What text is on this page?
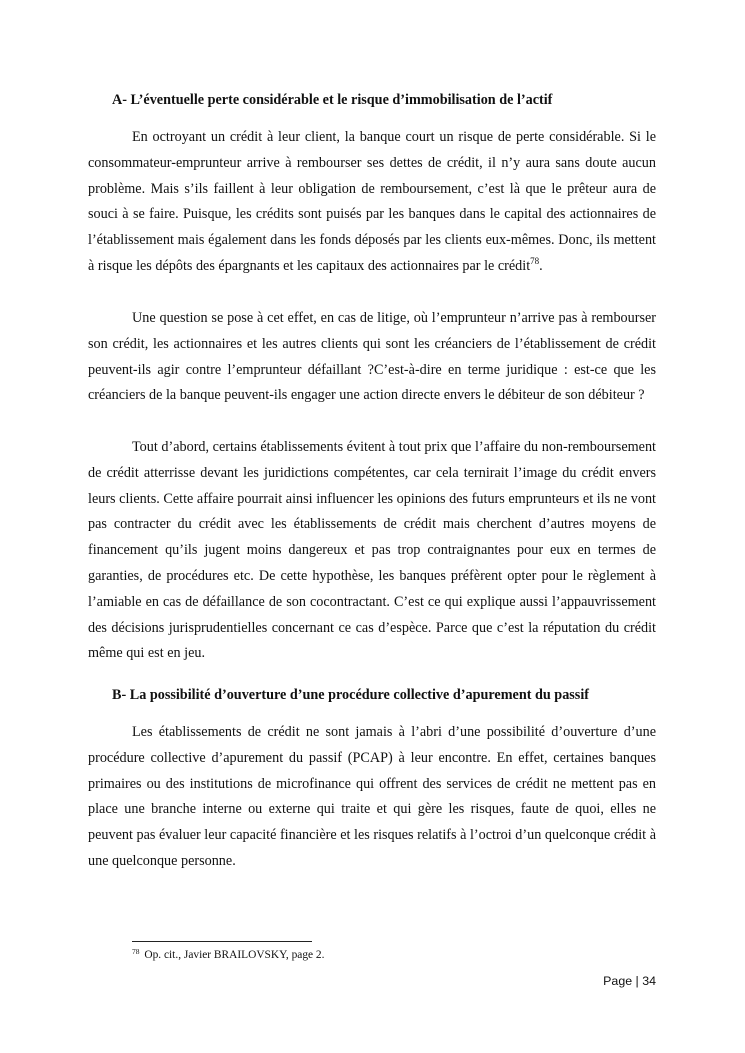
A- L’éventuelle perte considérable et le risque d’immobilisation de l’actif

En octroyant un crédit à leur client, la banque court un risque de perte considérable. Si le consommateur-emprunteur arrive à rembourser ses dettes de crédit, il n’y aura sans doute aucun problème. Mais s’ils faillent à leur obligation de remboursement, c’est là que le prêteur aura de souci à se faire. Puisque, les crédits sont puisés par les banques dans le capital des actionnaires de l’établissement mais également dans les fonds déposés par les clients eux-mêmes. Donc, ils mettent à risque les dépôts des épargnants et les capitaux des actionnaires par le crédit$^{78}$.

Une question se pose à cet effet, en cas de litige, où l’emprunteur n’arrive pas à rembourser son crédit, les actionnaires et les autres clients qui sont les créanciers de l’établissement de crédit peuvent-ils agir contre l’emprunteur défaillant ?C’est-à-dire en terme juridique : est-ce que les créanciers de la banque peuvent-ils engager une action directe envers le débiteur de son débiteur ?

Tout d’abord, certains établissements évitent à tout prix que l’affaire du non-remboursement de crédit atterrisse devant les juridictions compétentes, car cela ternirait l’image du crédit envers leurs clients. Cette affaire pourrait ainsi influencer les opinions des futurs emprunteurs et ils ne vont pas contracter du crédit avec les établissements de crédit mais cherchent d’autres moyens de financement qu’ils jugent moins dangereux et pas trop contraignantes pour eux en termes de garanties, de procédures etc. De cette hypothèse, les banques préfèrent opter pour le règlement à l’amiable en cas de défaillance de son cocontractant. C’est ce qui explique aussi l’appauvrissement des décisions jurisprudentielles concernant ce cas d’espèce. Parce que c’est la réputation du crédit même qui est en jeu.

B- La possibilité d’ouverture d’une procédure collective d’apurement du passif

Les établissements de crédit ne sont jamais à l’abri d’une possibilité d’ouverture d’une procédure collective d’apurement du passif (PCAP) à leur encontre. En effet, certaines banques primaires ou des institutions de microfinance qui offrent des services de crédit ne mettent pas en place une branche interne ou externe qui traite et qui gère les risques, faute de quoi, elles ne peuvent pas évaluer leur capacité financière et les risques relatifs à l’octroi d’un quelconque crédit à une quelconque personne.

$^{78}$ Op. cit., Javier BRAILOVSKY, page 2.
Page | 34
